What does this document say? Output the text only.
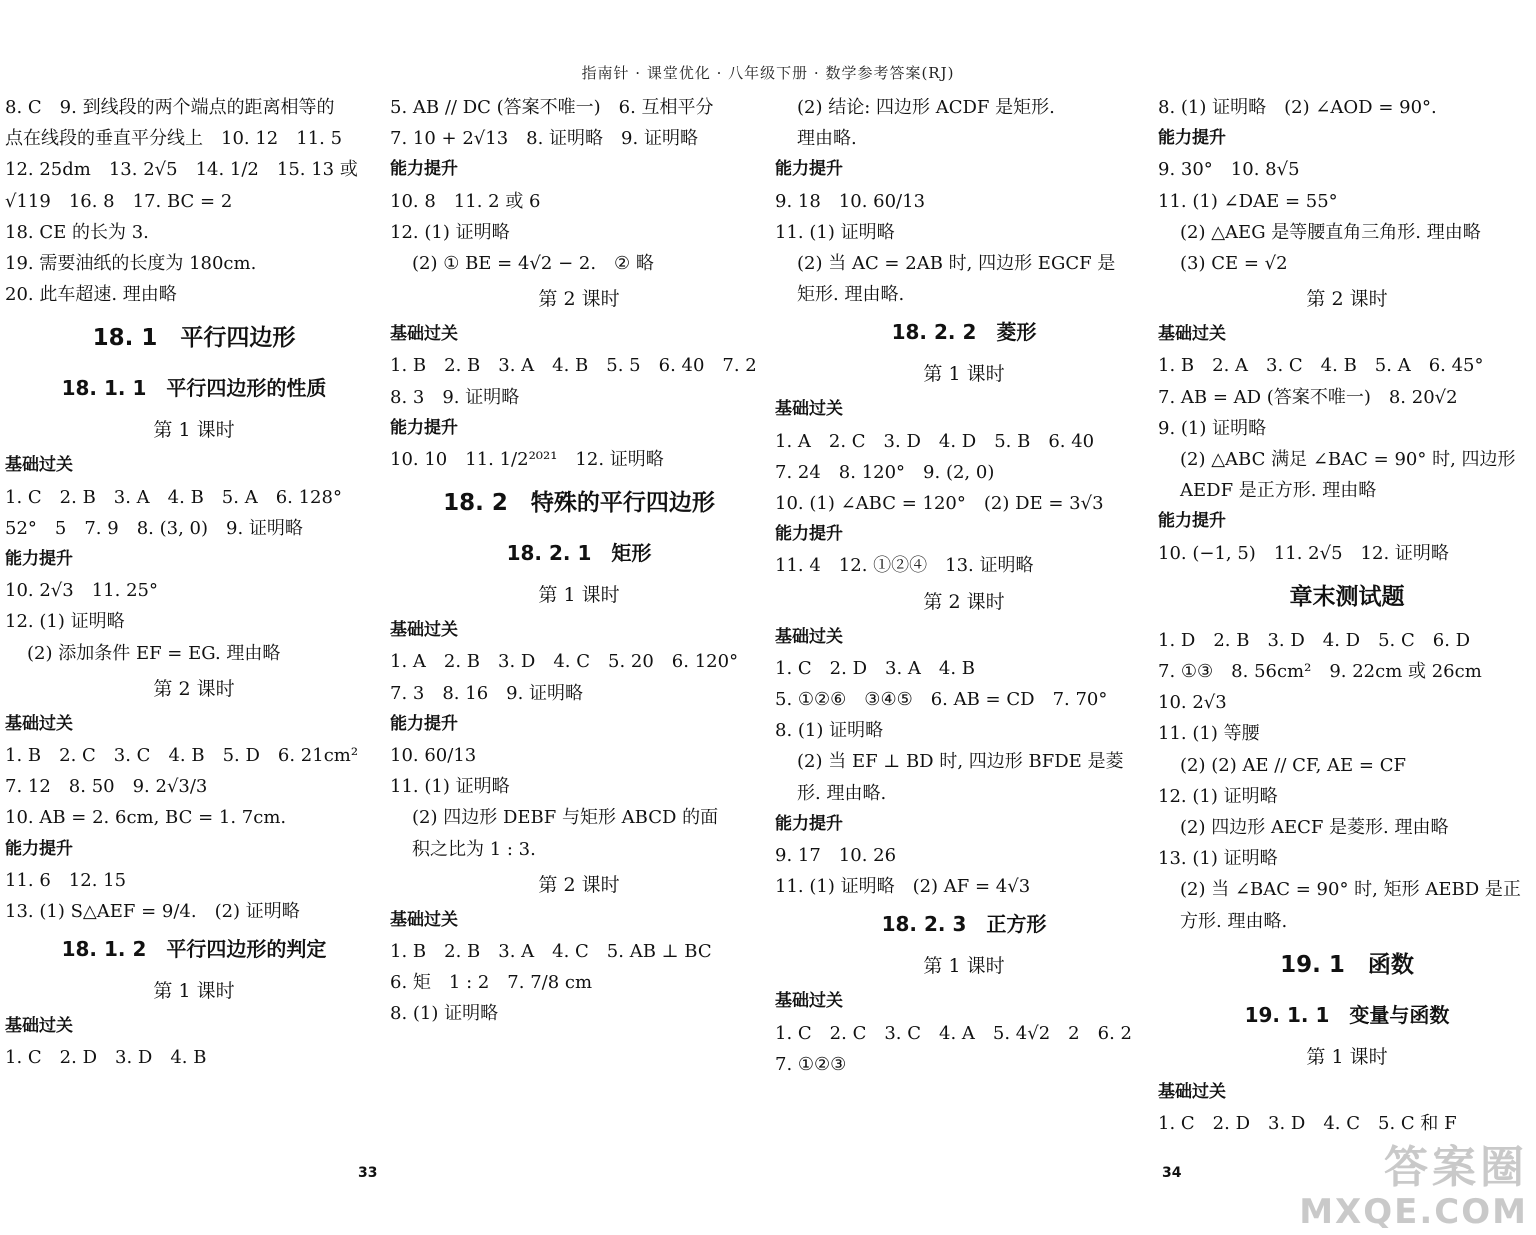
指南针 · 课堂优化 · 八年级下册 · 数学参考答案(RJ)
8. C　9. 到线段的两个端点的距离相等的
点在线段的垂直平分线上　10. 12　11. 5
12. 25dm　13. 2√5　14. 1/2　15. 13 或
√119　16. 8　17. BC = 2
18. CE 的长为 3.
19. 需要油纸的长度为 180cm.
20. 此车超速. 理由略
18. 1　平行四边形
18. 1. 1　平行四边形的性质
第 1 课时
基础过关
1. C　2. B　3. A　4. B　5. A　6. 128°
52°　5　7. 9　8. (3, 0)　9. 证明略
能力提升
10. 2√3　11. 25°
12. (1) 证明略
(2) 添加条件 EF = EG. 理由略
第 2 课时
基础过关
1. B　2. C　3. C　4. B　5. D　6. 21cm²
7. 12　8. 50　9. 2√3/3
10. AB = 2. 6cm, BC = 1. 7cm.
能力提升
11. 6　12. 15
13. (1) S△AEF = 9/4.　(2) 证明略
18. 1. 2　平行四边形的判定
第 1 课时
基础过关
1. C　2. D　3. D　4. B
5. AB // DC (答案不唯一)　6. 互相平分
7. 10 + 2√13　8. 证明略　9. 证明略
能力提升
10. 8　11. 2 或 6
12. (1) 证明略
(2) ① BE = 4√2 − 2.　② 略
第 2 课时
基础过关
1. B　2. B　3. A　4. B　5. 5　6. 40　7. 2
8. 3　9. 证明略
能力提升
10. 10　11. 1/2²⁰²¹　12. 证明略
18. 2　特殊的平行四边形
18. 2. 1　矩形
第 1 课时
基础过关
1. A　2. B　3. D　4. C　5. 20　6. 120°
7. 3　8. 16　9. 证明略
能力提升
10. 60/13
11. (1) 证明略
(2) 四边形 DEBF 与矩形 ABCD 的面
积之比为 1 : 3.
第 2 课时
基础过关
1. B　2. B　3. A　4. C　5. AB ⊥ BC
6. 矩　1 : 2　7. 7/8 cm
8. (1) 证明略
(2) 结论: 四边形 ACDF 是矩形.
理由略.
能力提升
9. 18　10. 60/13
11. (1) 证明略
(2) 当 AC = 2AB 时, 四边形 EGCF 是
矩形. 理由略.
18. 2. 2　菱形
第 1 课时
基础过关
1. A　2. C　3. D　4. D　5. B　6. 40
7. 24　8. 120°　9. (2, 0)
10. (1) ∠ABC = 120°　(2) DE = 3√3
能力提升
11. 4　12. ①②④　13. 证明略
第 2 课时
基础过关
1. C　2. D　3. A　4. B
5. ①②⑥　③④⑤　6. AB = CD　7. 70°
8. (1) 证明略
(2) 当 EF ⊥ BD 时, 四边形 BFDE 是菱
形. 理由略.
能力提升
9. 17　10. 26
11. (1) 证明略　(2) AF = 4√3
18. 2. 3　正方形
第 1 课时
基础过关
1. C　2. C　3. C　4. A　5. 4√2　2　6. 2
7. ①②③
8. (1) 证明略　(2) ∠AOD = 90°.
能力提升
9. 30°　10. 8√5
11. (1) ∠DAE = 55°
(2) △AEG 是等腰直角三角形. 理由略
(3) CE = √2
第 2 课时
基础过关
1. B　2. A　3. C　4. B　5. A　6. 45°
7. AB = AD (答案不唯一)　8. 20√2
9. (1) 证明略
(2) △ABC 满足 ∠BAC = 90° 时, 四边形
AEDF 是正方形. 理由略
能力提升
10. (−1, 5)　11. 2√5　12. 证明略
章末测试题
1. D　2. B　3. D　4. D　5. C　6. D
7. ①③　8. 56cm²　9. 22cm 或 26cm
10. 2√3
11. (1) 等腰
(2) (2) AE // CF, AE = CF
12. (1) 证明略
(2) 四边形 AECF 是菱形. 理由略
13. (1) 证明略
(2) 当 ∠BAC = 90° 时, 矩形 AEBD 是正
方形. 理由略.
19. 1　函数
19. 1. 1　变量与函数
第 1 课时
基础过关
1. C　2. D　3. D　4. C　5. C 和 F
33	34	答案圈
MXQE.COM
